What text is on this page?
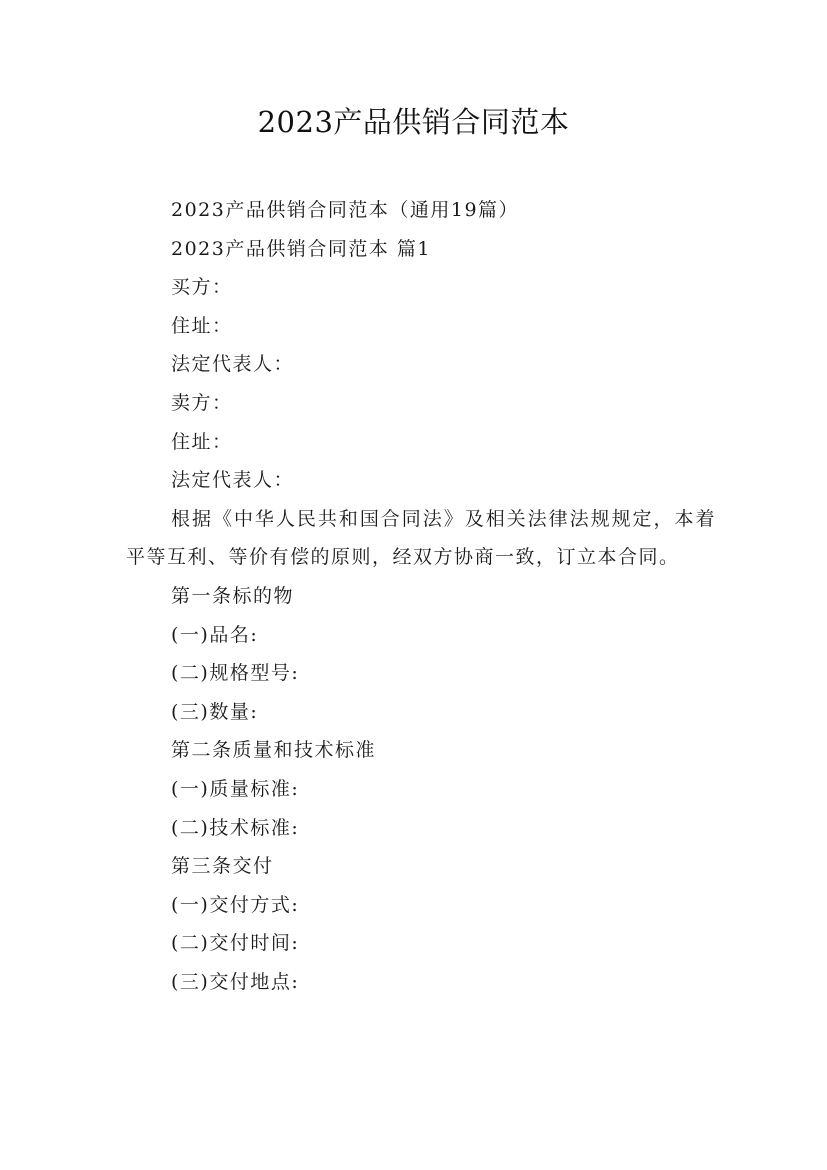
2023产品供销合同范本
2023产品供销合同范本（通用19篇）
2023产品供销合同范本 篇1
买方：
住址：
法定代表人：
卖方：
住址：
法定代表人：
根据《中华人民共和国合同法》及相关法律法规规定，本着平等互利、等价有偿的原则，经双方协商一致，订立本合同。
第一条标的物
(一)品名:
(二)规格型号:
(三)数量:
第二条质量和技术标准
(一)质量标准:
(二)技术标准:
第三条交付
(一)交付方式:
(二)交付时间:
(三)交付地点:
